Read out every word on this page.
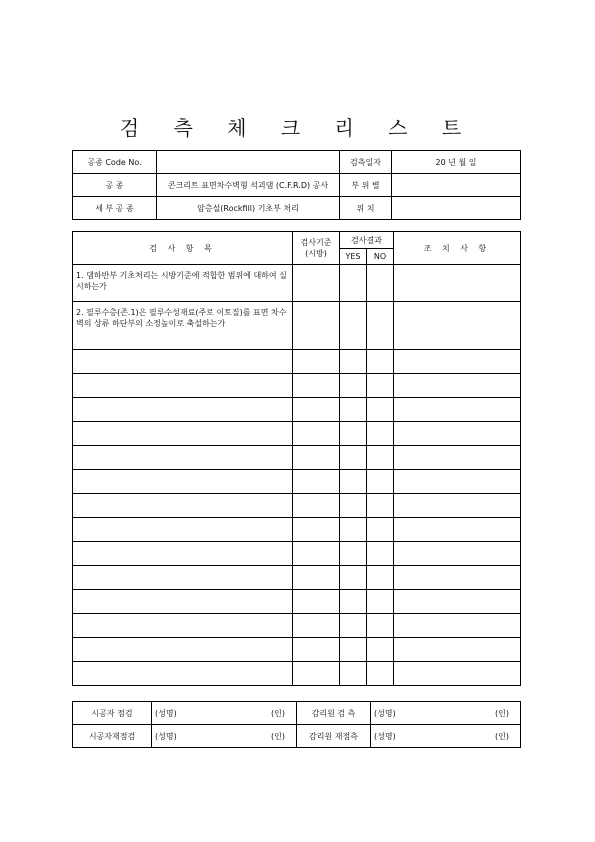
검 측 체 크 리 스 트
공종 Code No.		검측일자	20 년 월 일
공 종	콘크리트 표면차수벽형 석괴댐 (C.F.R.D) 공사	부 위 별	
세 부 공 종	암층설(Rockfill) 기초부 처리	위 치	
검 사 항 목	검사기준 (시방)	검사결과		조 치 사 항
		YES	NO	
1. 댐하반부 기초처리는 시방기준에 적합한 범위에 대하여 실시하는가				
2. 필루수층(존.1)은 필루수성재료(주로 이토질)를 표면 차수벽의 상류 하단부의 소정높이로 축설하는가				

시공자 점검	(성명) (인)	감리원 검 측	(성명) (인)

시공자재점검	(성명) (인)	감리원 재점측	(성명) (인)
